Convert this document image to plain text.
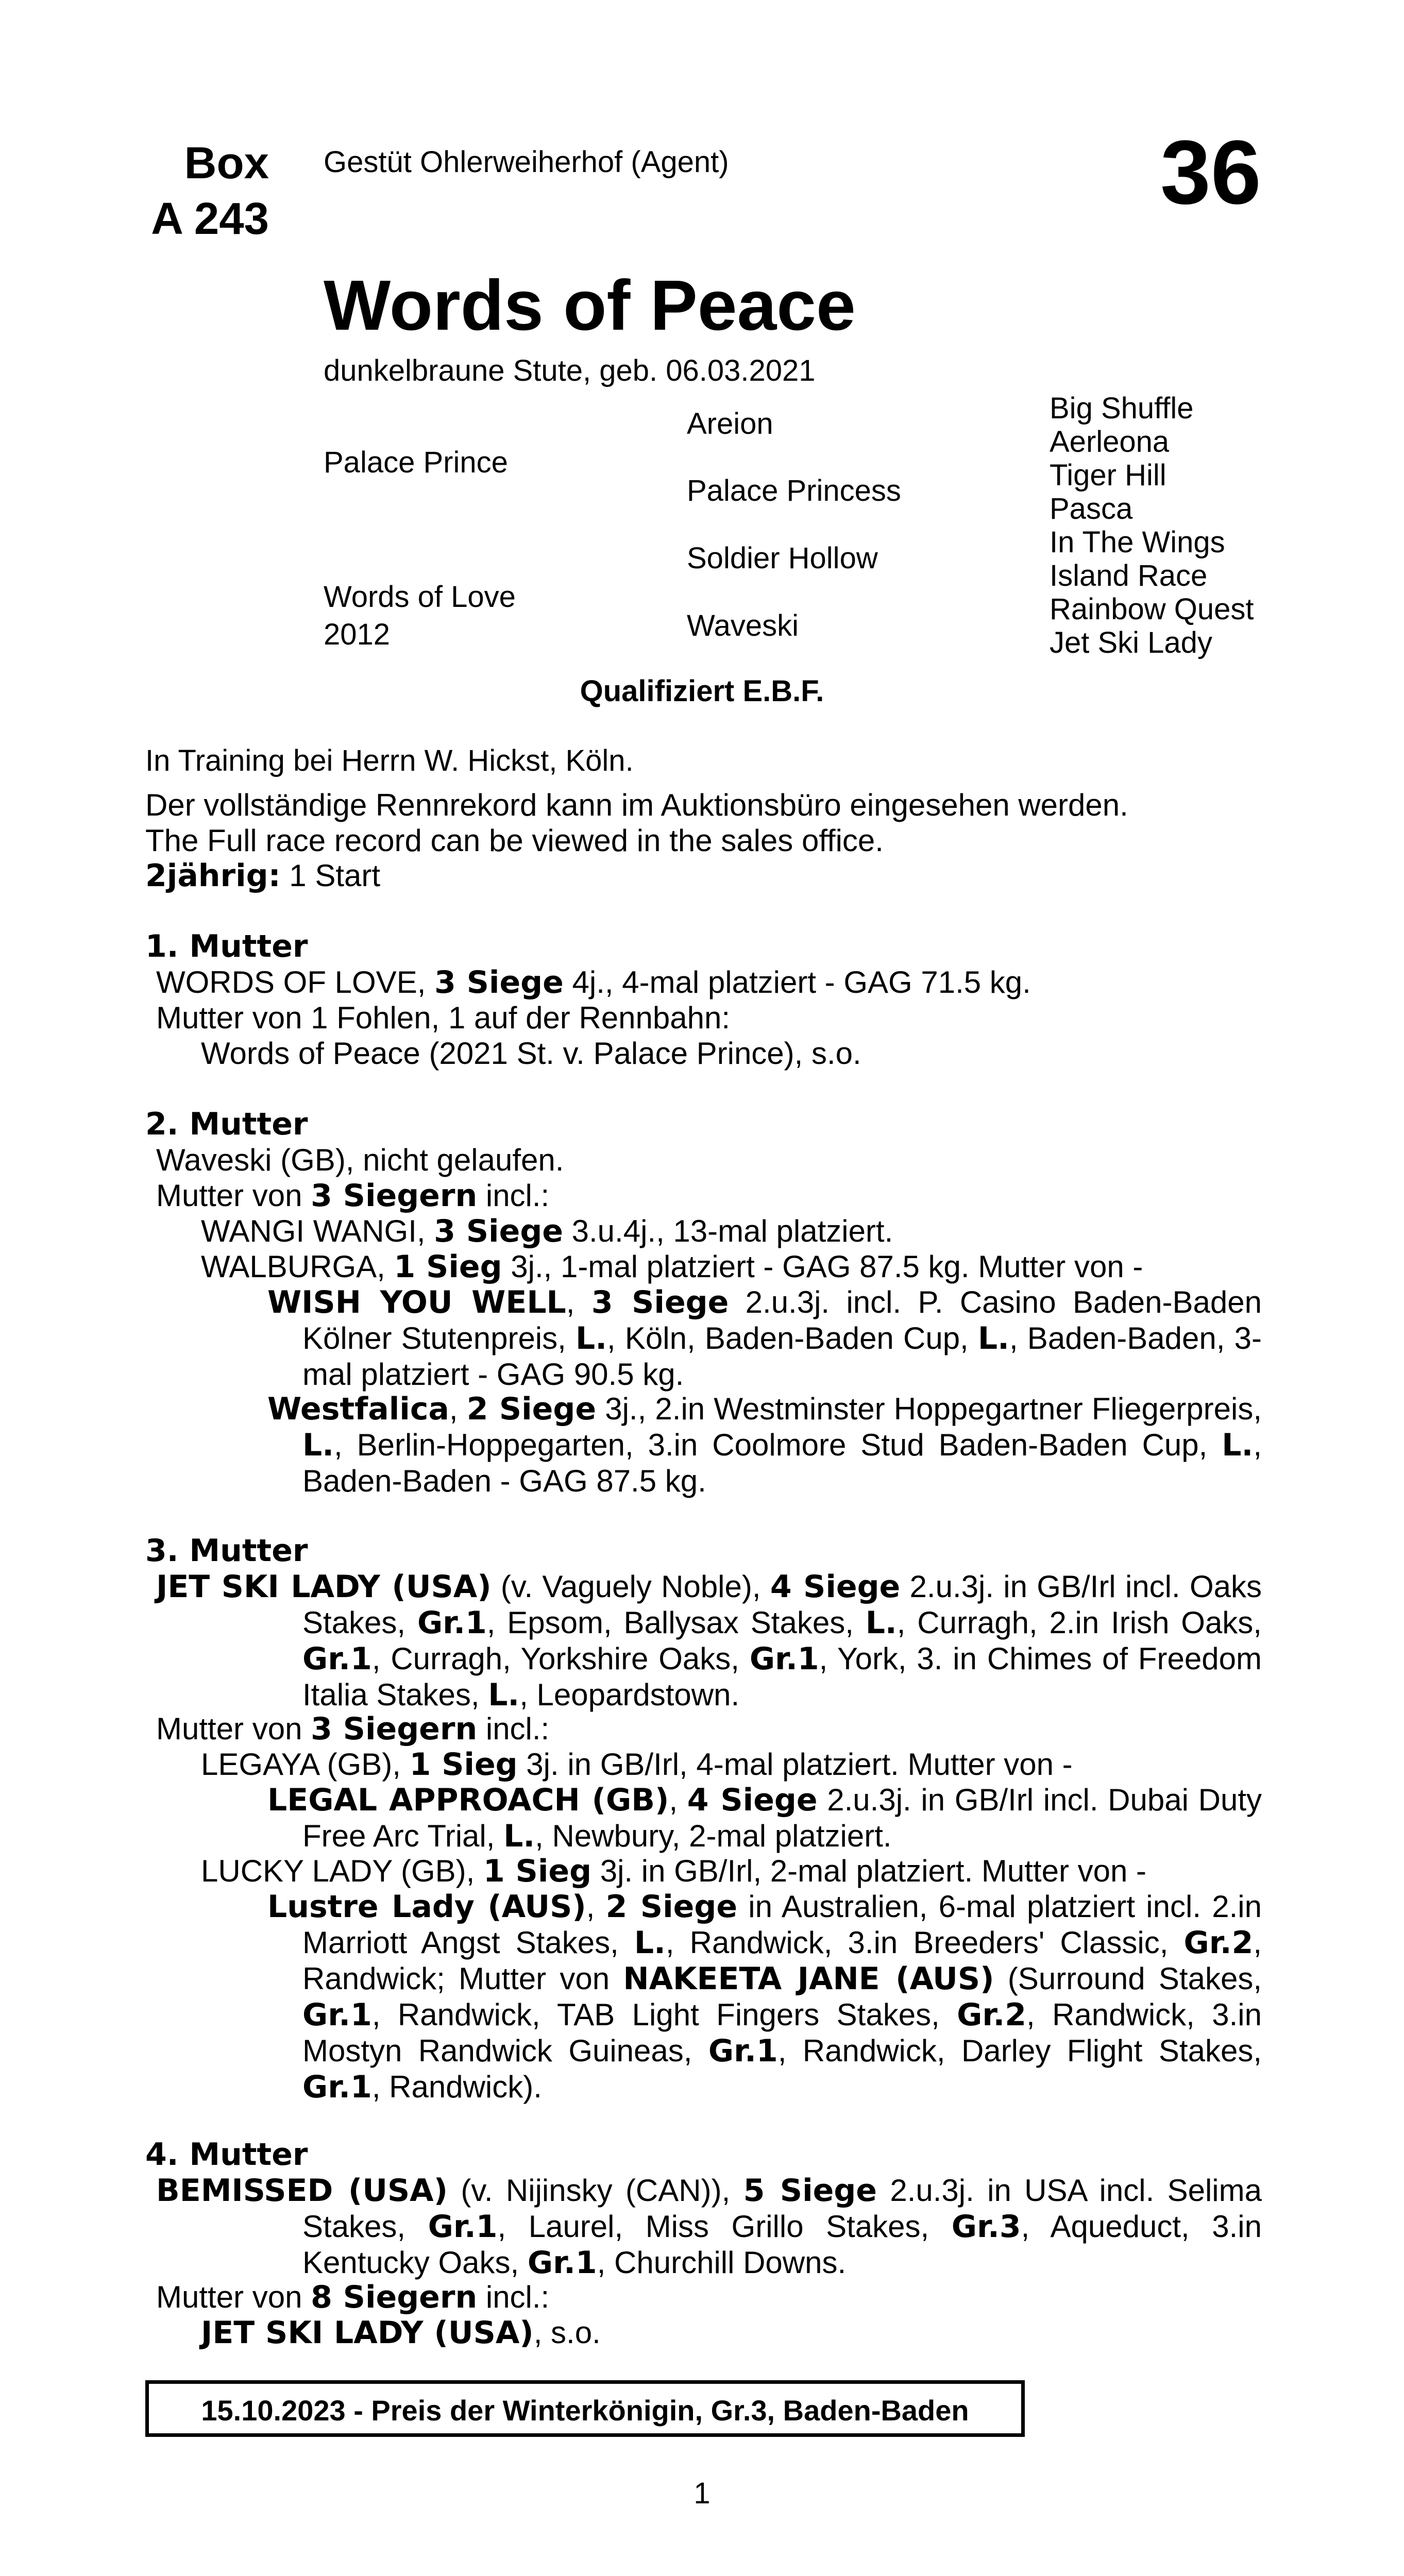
Box
A 243
Gestüt Ohlerweiherhof (Agent)	36
Words of Peace
dunkelbraune Stute, geb. 06.03.2021
Palace Prince
Words of Love
2012
Areion
Palace Princess
Soldier Hollow
Waveski
Big Shuffle
Aerleona
Tiger Hill
Pasca
In The Wings
Island Race
Rainbow Quest
Jet Ski Lady
Qualifiziert E.B.F.
In Training bei Herrn W. Hickst, Köln.
Der vollständige Rennrekord kann im Auktionsbüro eingesehen werden.
The Full race record can be viewed in the sales office.
2jährig: 1 Start
1. Mutter
WORDS OF LOVE, 3 Siege 4j., 4-mal platziert - GAG 71.5 kg.
Mutter von 1 Fohlen, 1 auf der Rennbahn:
Words of Peace (2021 St. v. Palace Prince), s.o.
2. Mutter
Waveski (GB), nicht gelaufen.
Mutter von 3 Siegern incl.:
WANGI WANGI, 3 Siege 3.u.4j., 13-mal platziert.
WALBURGA, 1 Sieg 3j., 1-mal platziert - GAG 87.5 kg. Mutter von -
WISH YOU WELL, 3 Siege 2.u.3j. incl. P. Casino Baden-Baden Kölner Stutenpreis, L., Köln, Baden-Baden Cup, L., Baden-Baden, 3-mal platziert - GAG 90.5 kg.
Westfalica, 2 Siege 3j., 2.in Westminster Hoppegartner Fliegerpreis, L., Berlin-Hoppegarten, 3.in Coolmore Stud Baden-Baden Cup, L., Baden-Baden - GAG 87.5 kg.
3. Mutter
JET SKI LADY (USA) (v. Vaguely Noble), 4 Siege 2.u.3j. in GB/Irl incl. Oaks Stakes, Gr.1, Epsom, Ballysax Stakes, L., Curragh, 2.in Irish Oaks, Gr.1, Curragh, Yorkshire Oaks, Gr.1, York, 3. in Chimes of Freedom Italia Stakes, L., Leopardstown.
Mutter von 3 Siegern incl.:
LEGAYA (GB), 1 Sieg 3j. in GB/Irl, 4-mal platziert. Mutter von -
LEGAL APPROACH (GB), 4 Siege 2.u.3j. in GB/Irl incl. Dubai Duty Free Arc Trial, L., Newbury, 2-mal platziert.
LUCKY LADY (GB), 1 Sieg 3j. in GB/Irl, 2-mal platziert. Mutter von -
Lustre Lady (AUS), 2 Siege in Australien, 6-mal platziert incl. 2.in Marriott Angst Stakes, L., Randwick, 3.in Breeders' Classic, Gr.2, Randwick; Mutter von NAKEETA JANE (AUS) (Surround Stakes, Gr.1, Randwick, TAB Light Fingers Stakes, Gr.2, Randwick, 3.in Mostyn Randwick Guineas, Gr.1, Randwick, Darley Flight Stakes, Gr.1, Randwick).
4. Mutter
BEMISSED (USA) (v. Nijinsky (CAN)), 5 Siege 2.u.3j. in USA incl. Selima Stakes, Gr.1, Laurel, Miss Grillo Stakes, Gr.3, Aqueduct, 3.in Kentucky Oaks, Gr.1, Churchill Downs.
Mutter von 8 Siegern incl.:
JET SKI LADY (USA), s.o.
15.10.2023 - Preis der Winterkönigin, Gr.3, Baden-Baden
1
